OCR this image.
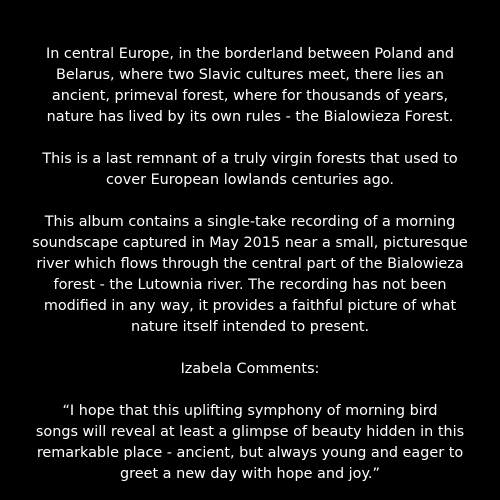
In central Europe, in the borderland between Poland and
Belarus, where two Slavic cultures meet, there lies an
ancient, primeval forest, where for thousands of years,
nature has lived by its own rules - the Bialowieza Forest.

This is a last remnant of a truly virgin forests that used to
cover European lowlands centuries ago.

This album contains a single-take recording of a morning
soundscape captured in May 2015 near a small, picturesque
river which flows through the central part of the Bialowieza
forest - the Lutownia river. The recording has not been
modified in any way, it provides a faithful picture of what
nature itself intended to present.

Izabela Comments:

“I hope that this uplifting symphony of morning bird
songs will reveal at least a glimpse of beauty hidden in this
remarkable place - ancient, but always young and eager to
greet a new day with hope and joy.”
